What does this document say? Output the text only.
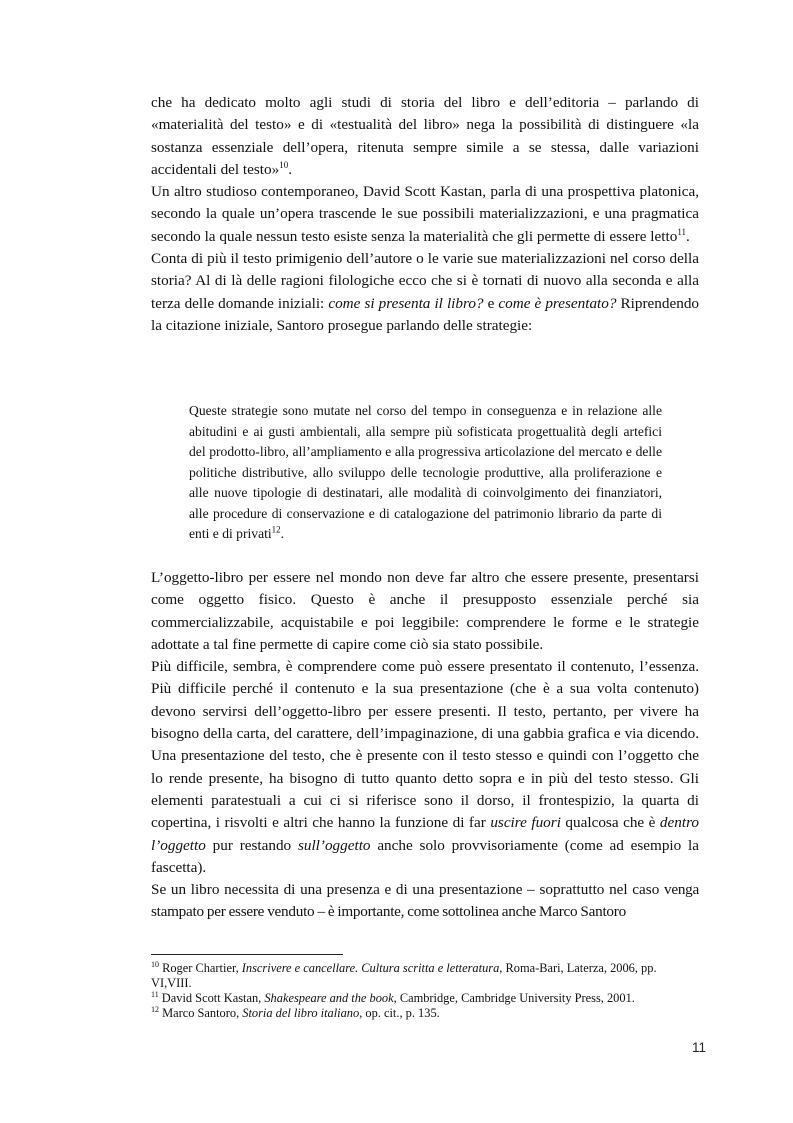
che ha dedicato molto agli studi di storia del libro e dell’editoria – parlando di «materialità del testo» e di «testualità del libro» nega la possibilità di distinguere «la sostanza essenziale dell’opera, ritenuta sempre simile a se stessa, dalle variazioni accidentali del testo»$^{10}$.

Un altro studioso contemporaneo, David Scott Kastan, parla di una prospettiva platonica, secondo la quale un’opera trascende le sue possibili materializzazioni, e una pragmatica secondo la quale nessun testo esiste senza la materialità che gli permette di essere letto$^{11}$.

Conta di più il testo primigenio dell’autore o le varie sue materializzazioni nel corso della storia? Al di là delle ragioni filologiche ecco che si è tornati di nuovo alla seconda e alla terza delle domande iniziali: come si presenta il libro? e come è presentato? Riprendendo la citazione iniziale, Santoro prosegue parlando delle strategie:

Queste strategie sono mutate nel corso del tempo in conseguenza e in relazione alle abitudini e ai gusti ambientali, alla sempre più sofisticata progettualità degli artefici del prodotto-libro, all’ampliamento e alla progressiva articolazione del mercato e delle politiche distributive, allo sviluppo delle tecnologie produttive, alla proliferazione e alle nuove tipologie di destinatari, alle modalità di coinvolgimento dei finanziatori, alle procedure di conservazione e di catalogazione del patrimonio librario da parte di enti e di privati$^{12}$.

L’oggetto-libro per essere nel mondo non deve far altro che essere presente, presentarsi come oggetto fisico. Questo è anche il presupposto essenziale perché sia commercializzabile, acquistabile e poi leggibile: comprendere le forme e le strategie adottate a tal fine permette di capire come ciò sia stato possibile.

Più difficile, sembra, è comprendere come può essere presentato il contenuto, l’essenza. Più difficile perché il contenuto e la sua presentazione (che è a sua volta contenuto) devono servirsi dell’oggetto-libro per essere presenti. Il testo, pertanto, per vivere ha bisogno della carta, del carattere, dell’impaginazione, di una gabbia grafica e via dicendo. Una presentazione del testo, che è presente con il testo stesso e quindi con l’oggetto che lo rende presente, ha bisogno di tutto quanto detto sopra e in più del testo stesso. Gli elementi paratestuali a cui ci si riferisce sono il dorso, il frontespizio, la quarta di copertina, i risvolti e altri che hanno la funzione di far uscire fuori qualcosa che è dentro l’oggetto pur restando sull’oggetto anche solo provvisoriamente (come ad esempio la fascetta).

Se un libro necessita di una presenza e di una presentazione – soprattutto nel caso venga stampato per essere venduto – è importante, come sottolinea anche Marco Santoro

$^{10}$ Roger Chartier, Inscrivere e cancellare. Cultura scritta e letteratura, Roma-Bari, Laterza, 2006, pp. VI,VIII.

$^{11}$ David Scott Kastan, Shakespeare and the book, Cambridge, Cambridge University Press, 2001.

$^{12}$ Marco Santoro, Storia del libro italiano, op. cit., p. 135.

11
